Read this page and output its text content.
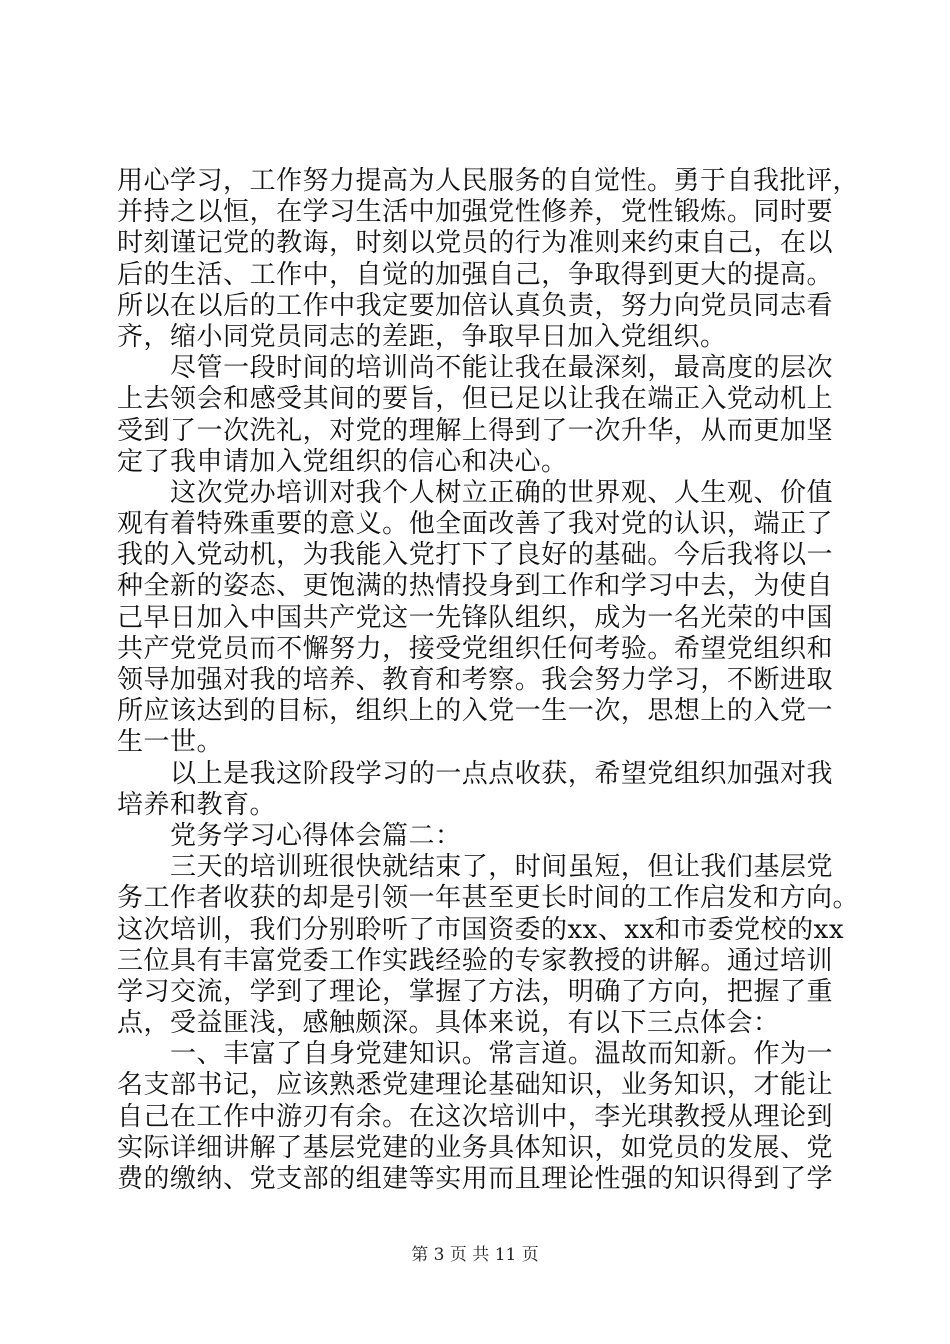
用心学习，工作努力提高为人民服务的自觉性。勇于自我批评，
并持之以恒，在学习生活中加强党性修养，党性锻炼。同时要
时刻谨记党的教诲，时刻以党员的行为准则来约束自己，在以
后的生活、工作中，自觉的加强自己，争取得到更大的提高。
所以在以后的工作中我定要加倍认真负责，努力向党员同志看
齐，缩小同党员同志的差距，争取早日加入党组织。
　　尽管一段时间的培训尚不能让我在最深刻，最高度的层次
上去领会和感受其间的要旨，但已足以让我在端正入党动机上
受到了一次洗礼，对党的理解上得到了一次升华，从而更加坚
定了我申请加入党组织的信心和决心。
　　这次党办培训对我个人树立正确的世界观、人生观、价值
观有着特殊重要的意义。他全面改善了我对党的认识，端正了
我的入党动机，为我能入党打下了良好的基础。今后我将以一
种全新的姿态、更饱满的热情投身到工作和学习中去，为使自
己早日加入中国共产党这一先锋队组织，成为一名光荣的中国
共产党党员而不懈努力，接受党组织任何考验。希望党组织和
领导加强对我的培养、教育和考察。我会努力学习，不断进取
所应该达到的目标，组织上的入党一生一次，思想上的入党一
生一世。
　　以上是我这阶段学习的一点点收获，希望党组织加强对我
培养和教育。
　　党务学习心得体会篇二：
　　三天的培训班很快就结束了，时间虽短，但让我们基层党
务工作者收获的却是引领一年甚至更长时间的工作启发和方向。
这次培训，我们分别聆听了市国资委的xx、xx和市委党校的xx
三位具有丰富党委工作实践经验的专家教授的讲解。通过培训
学习交流，学到了理论，掌握了方法，明确了方向，把握了重
点，受益匪浅，感触颇深。具体来说，有以下三点体会：
　　一、丰富了自身党建知识。常言道。温故而知新。作为一
名支部书记，应该熟悉党建理论基础知识，业务知识，才能让
自己在工作中游刃有余。在这次培训中，李光琪教授从理论到
实际详细讲解了基层党建的业务具体知识，如党员的发展、党
费的缴纳、党支部的组建等实用而且理论性强的知识得到了学
第 3 页 共 11 页
